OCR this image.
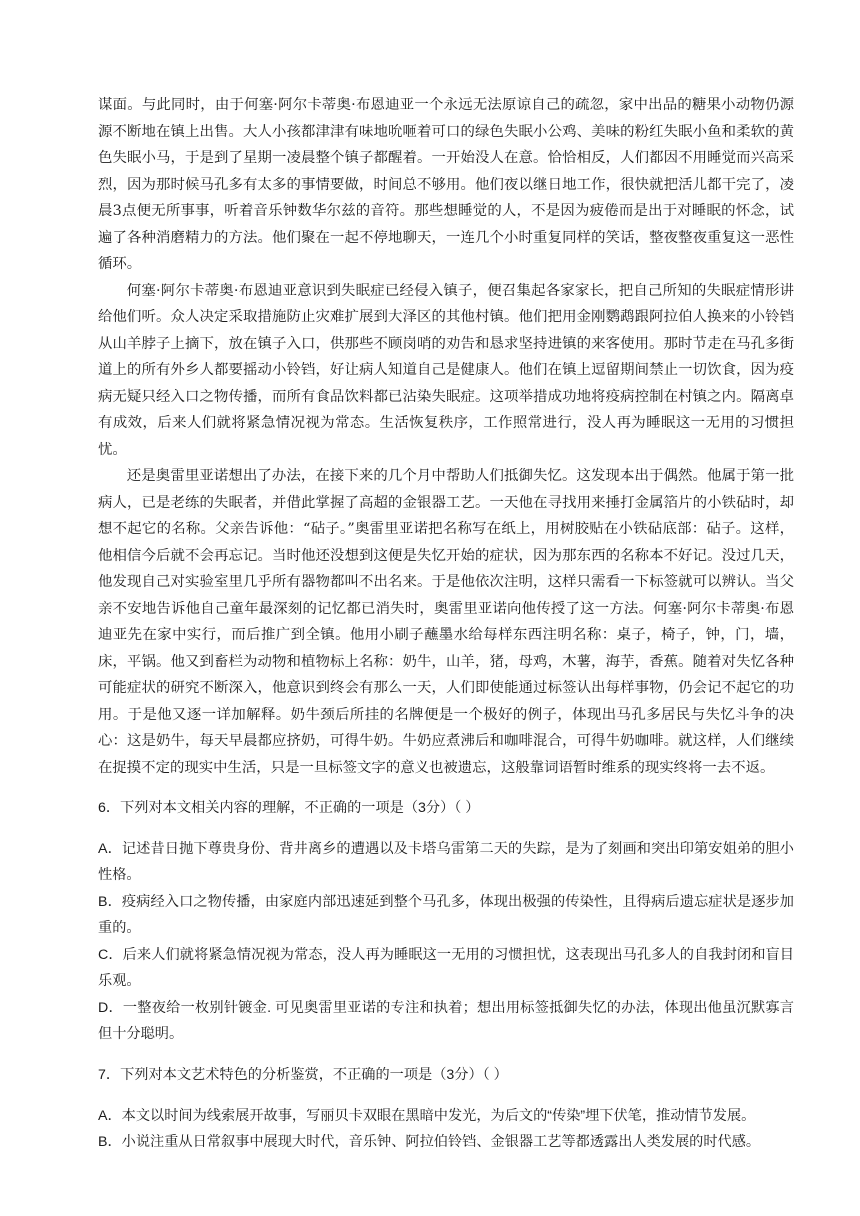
谋面。与此同时，由于何塞·阿尔卡蒂奥·布恩迪亚一个永远无法原谅自己的疏忽，家中出品的糖果小动物仍源源不断地在镇上出售。大人小孩都津津有味地吮咂着可口的绿色失眠小公鸡、美味的粉红失眠小鱼和柔软的黄色失眠小马，于是到了星期一凌晨整个镇子都醒着。一开始没人在意。恰恰相反，人们都因不用睡觉而兴高采烈，因为那时候马孔多有太多的事情要做，时间总不够用。他们夜以继日地工作，很快就把活儿都干完了，凌晨3点便无所事事，听着音乐钟数华尔兹的音符。那些想睡觉的人，不是因为疲倦而是出于对睡眠的怀念，试遍了各种消磨精力的方法。他们聚在一起不停地聊天，一连几个小时重复同样的笑话，整夜整夜重复这一恶性循环。

何塞·阿尔卡蒂奥·布恩迪亚意识到失眠症已经侵入镇子，便召集起各家家长，把自己所知的失眠症情形讲给他们听。众人决定采取措施防止灾难扩展到大泽区的其他村镇。他们把用金刚鹦鹉跟阿拉伯人换来的小铃铛从山羊脖子上摘下，放在镇子入口，供那些不顾岗哨的劝告和恳求坚持进镇的来客使用。那时节走在马孔多街道上的所有外乡人都要摇动小铃铛，好让病人知道自己是健康人。他们在镇上逗留期间禁止一切饮食，因为疫病无疑只经入口之物传播，而所有食品饮料都已沾染失眠症。这项举措成功地将疫病控制在村镇之内。隔离卓有成效，后来人们就将紧急情况视为常态。生活恢复秩序，工作照常进行，没人再为睡眠这一无用的习惯担忧。

还是奥雷里亚诺想出了办法，在接下来的几个月中帮助人们抵御失忆。这发现本出于偶然。他属于第一批病人，已是老练的失眠者，并借此掌握了高超的金银器工艺。一天他在寻找用来捶打金属箔片的小铁砧时，却想不起它的名称。父亲告诉他：“砧子。”奥雷里亚诺把名称写在纸上，用树胶贴在小铁砧底部：砧子。这样，他相信今后就不会再忘记。当时他还没想到这便是失忆开始的症状，因为那东西的名称本不好记。没过几天，他发现自己对实验室里几乎所有器物都叫不出名来。于是他依次注明，这样只需看一下标签就可以辨认。当父亲不安地告诉他自己童年最深刻的记忆都已消失时，奥雷里亚诺向他传授了这一方法。何塞·阿尔卡蒂奥·布恩迪亚先在家中实行，而后推广到全镇。他用小刷子蘸墨水给每样东西注明名称：桌子，椅子，钟，门，墙，床，平锅。他又到畜栏为动物和植物标上名称：奶牛，山羊，猪，母鸡，木薯，海芋，香蕉。随着对失忆各种可能症状的研究不断深入，他意识到终会有那么一天，人们即使能通过标签认出每样事物，仍会记不起它的功用。于是他又逐一详加解释。奶牛颈后所挂的名牌便是一个极好的例子，体现出马孔多居民与失忆斗争的决心：这是奶牛，每天早晨都应挤奶，可得牛奶。牛奶应煮沸后和咖啡混合，可得牛奶咖啡。就这样，人们继续在捉摸不定的现实中生活，只是一旦标签文字的意义也被遗忘，这般靠词语暂时维系的现实终将一去不返。

6．下列对本文相关内容的理解，不正确的一项是（3分）（ ）

A．记述昔日抛下尊贵身份、背井离乡的遭遇以及卡塔乌雷第二天的失踪，是为了刻画和突出印第安姐弟的胆小性格。

B．疫病经入口之物传播，由家庭内部迅速延到整个马孔多，体现出极强的传染性，且得病后遗忘症状是逐步加重的。

C．后来人们就将紧急情况视为常态，没人再为睡眠这一无用的习惯担忧，这表现出马孔多人的自我封闭和盲目乐观。

D．一整夜给一枚别针镀金. 可见奥雷里亚诺的专注和执着；想出用标签抵御失忆的办法，体现出他虽沉默寡言但十分聪明。

7．下列对本文艺术特色的分析鉴赏，不正确的一项是（3分）（ ）

A．本文以时间为线索展开故事，写丽贝卡双眼在黑暗中发光，为后文的“传染”埋下伏笔，推动情节发展。

B．小说注重从日常叙事中展现大时代，音乐钟、阿拉伯铃铛、金银器工艺等都透露出人类发展的时代感。
